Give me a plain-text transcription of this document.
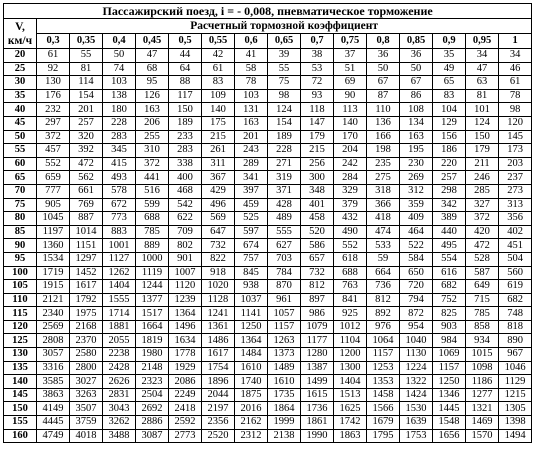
Пассажирский поезд, i = - 0,008, пневматическое торможение																

V,
км/ч	Расчетный тормозной коэффициент															
	0,3	0,35	0,4	0,45	0,5	0,55	0,6	0,65	0,7	0,75	0,8	0,85	0,9	0,95	1	
20	61	55	50	47	44	42	41	39	38	37	36	36	35	34	34	
25	92	81	74	68	64	61	58	55	53	51	50	50	49	47	46	
30	130	114	103	95	88	83	78	75	72	69	67	67	65	63	61	
35	176	154	138	126	117	109	103	98	93	90	87	86	83	81	78	
40	232	201	180	163	150	140	131	124	118	113	110	108	104	101	98	
45	297	257	228	206	189	175	163	154	147	140	136	134	129	124	120	
50	372	320	283	255	233	215	201	189	179	170	166	163	156	150	145	
55	457	392	345	310	283	261	243	228	215	204	198	195	186	179	173	
60	552	472	415	372	338	311	289	271	256	242	235	230	220	211	203	
65	659	562	493	441	400	367	341	319	300	284	275	269	257	246	237	
70	777	661	578	516	468	429	397	371	348	329	318	312	298	285	273	
75	905	769	672	599	542	496	459	428	401	379	366	359	342	327	313	
80	1045	887	773	688	622	569	525	489	458	432	418	409	389	372	356	
85	1197	1014	883	785	709	647	597	555	520	490	474	464	440	420	402	
90	1360	1151	1001	889	802	732	674	627	586	552	533	522	495	472	451	
95	1534	1297	1127	1000	901	822	757	703	657	618	59	584	554	528	504	
100	1719	1452	1262	1119	1007	918	845	784	732	688	664	650	616	587	560	
105	1915	1617	1404	1244	1120	1020	938	870	812	763	736	720	682	649	619	
110	2121	1792	1555	1377	1239	1128	1037	961	897	841	812	794	752	715	682	
115	2340	1975	1714	1517	1364	1241	1141	1057	986	925	892	872	825	785	748	
120	2569	2168	1881	1664	1496	1361	1250	1157	1079	1012	976	954	903	858	818	
125	2808	2370	2055	1819	1634	1486	1364	1263	1177	1104	1064	1040	984	934	890	
130	3057	2580	2238	1980	1778	1617	1484	1373	1280	1200	1157	1130	1069	1015	967	
135	3316	2800	2428	2148	1929	1754	1610	1489	1387	1300	1253	1224	1157	1098	1046	
140	3585	3027	2626	2323	2086	1896	1740	1610	1499	1404	1353	1322	1250	1186	1129	
145	3863	3263	2831	2504	2249	2044	1875	1735	1615	1513	1458	1424	1346	1277	1215	
150	4149	3507	3043	2692	2418	2197	2016	1864	1736	1625	1566	1530	1445	1321	1305	
155	4445	3759	3262	2886	2592	2356	2162	1999	1861	1742	1679	1639	1548	1469	1398	
160	4749	4018	3488	3087	2773	2520	2312	2138	1990	1863	1795	1753	1656	1570	1494	
